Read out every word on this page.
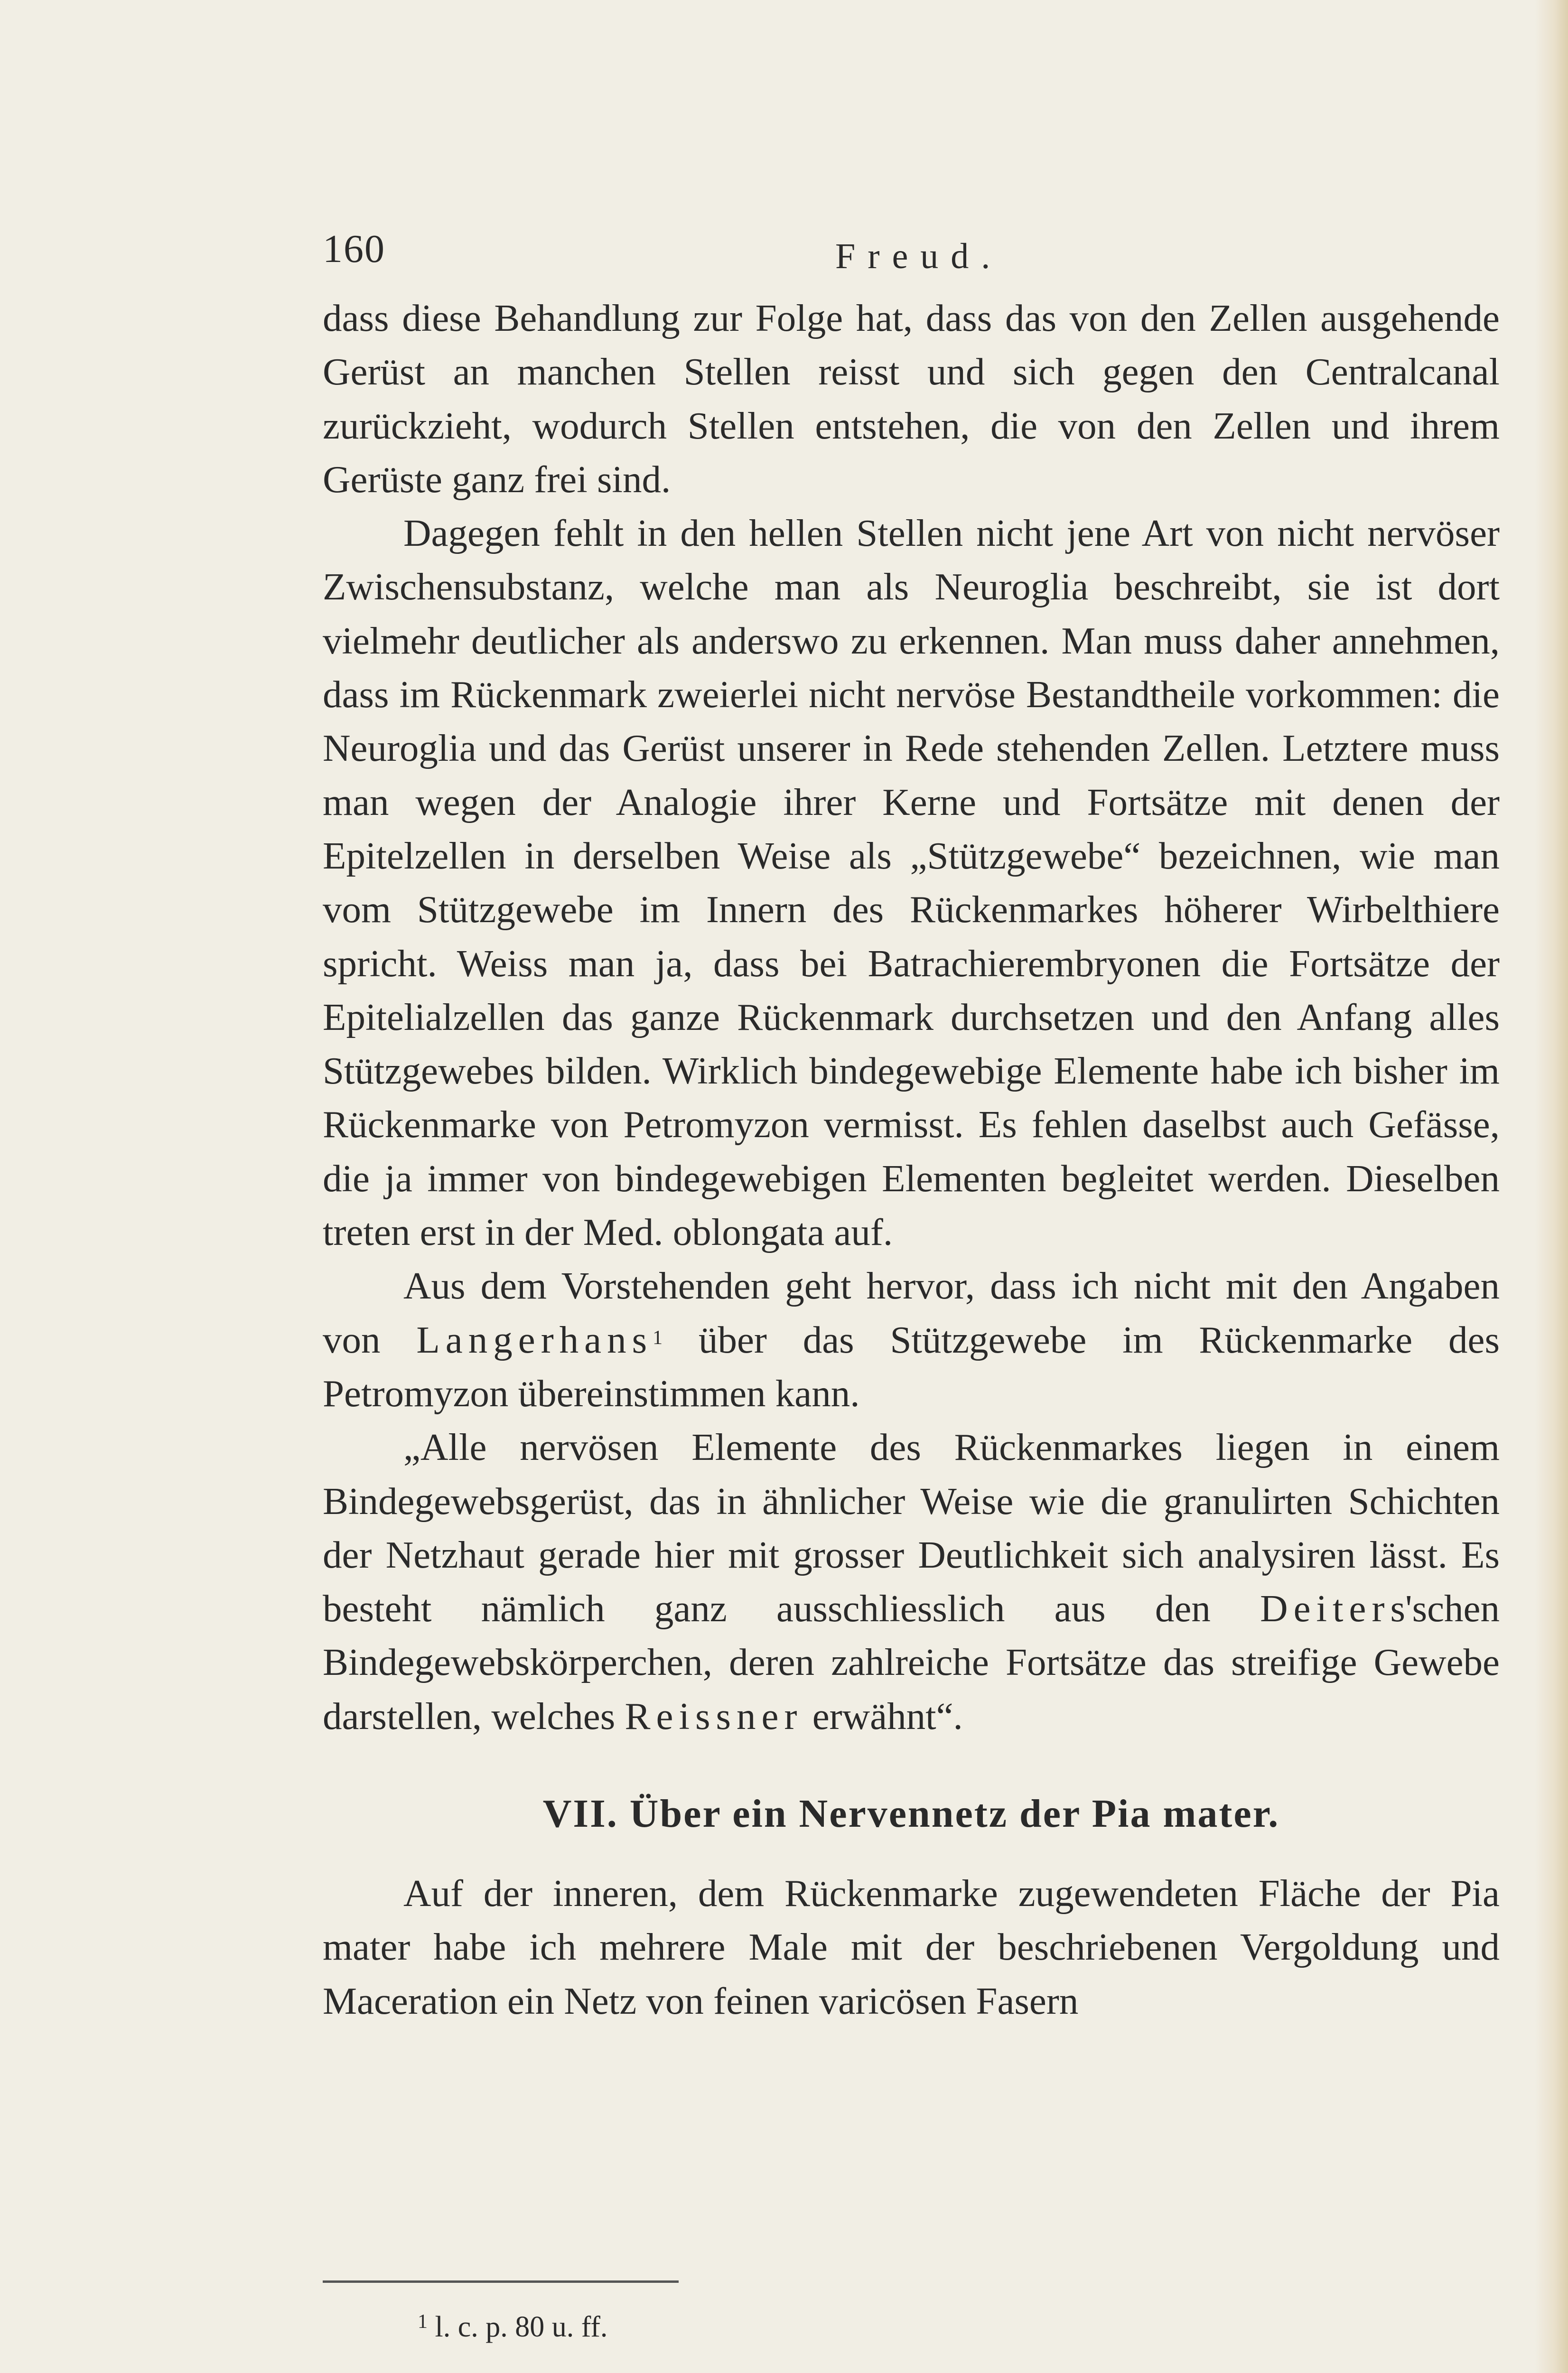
160	Freud.

dass diese Behandlung zur Folge hat, dass das von den Zellen ausgehende Gerüst an manchen Stellen reisst und sich gegen den Centralcanal zurückzieht, wodurch Stellen entstehen, die von den Zellen und ihrem Gerüste ganz frei sind.

Dagegen fehlt in den hellen Stellen nicht jene Art von nicht nervöser Zwischensubstanz, welche man als Neuroglia beschreibt, sie ist dort vielmehr deutlicher als anderswo zu erkennen. Man muss daher annehmen, dass im Rückenmark zweierlei nicht nervöse Bestandtheile vorkommen: die Neuroglia und das Gerüst unserer in Rede stehenden Zellen. Letztere muss man wegen der Analogie ihrer Kerne und Fortsätze mit denen der Epitelzellen in derselben Weise als „Stützgewebe“ bezeichnen, wie man vom Stützgewebe im Innern des Rückenmarkes höherer Wirbelthiere spricht. Weiss man ja, dass bei Batrachierembryonen die Fortsätze der Epitelialzellen das ganze Rückenmark durchsetzen und den Anfang alles Stützgewebes bilden. Wirklich bindegewebige Elemente habe ich bisher im Rückenmarke von Petromyzon vermisst. Es fehlen daselbst auch Gefässe, die ja immer von bindegewebigen Elementen begleitet werden. Dieselben treten erst in der Med. oblongata auf.

Aus dem Vorstehenden geht hervor, dass ich nicht mit den Angaben von Langerhans$^1$ über das Stützgewebe im Rückenmarke des Petromyzon übereinstimmen kann.

„Alle nervösen Elemente des Rückenmarkes liegen in einem Bindegewebsgerüst, das in ähnlicher Weise wie die granulirten Schichten der Netzhaut gerade hier mit grosser Deutlichkeit sich analysiren lässt. Es besteht nämlich ganz ausschliesslich aus den Deiters'schen Bindegewebskörperchen, deren zahlreiche Fortsätze das streifige Gewebe darstellen, welches Reissner erwähnt“.

VII. Über ein Nervennetz der Pia mater.

Auf der inneren, dem Rückenmarke zugewendeten Fläche der Pia mater habe ich mehrere Male mit der beschriebenen Vergoldung und Maceration ein Netz von feinen varicösen Fasern

$^1$ l. c. p. 80 u. ff.
